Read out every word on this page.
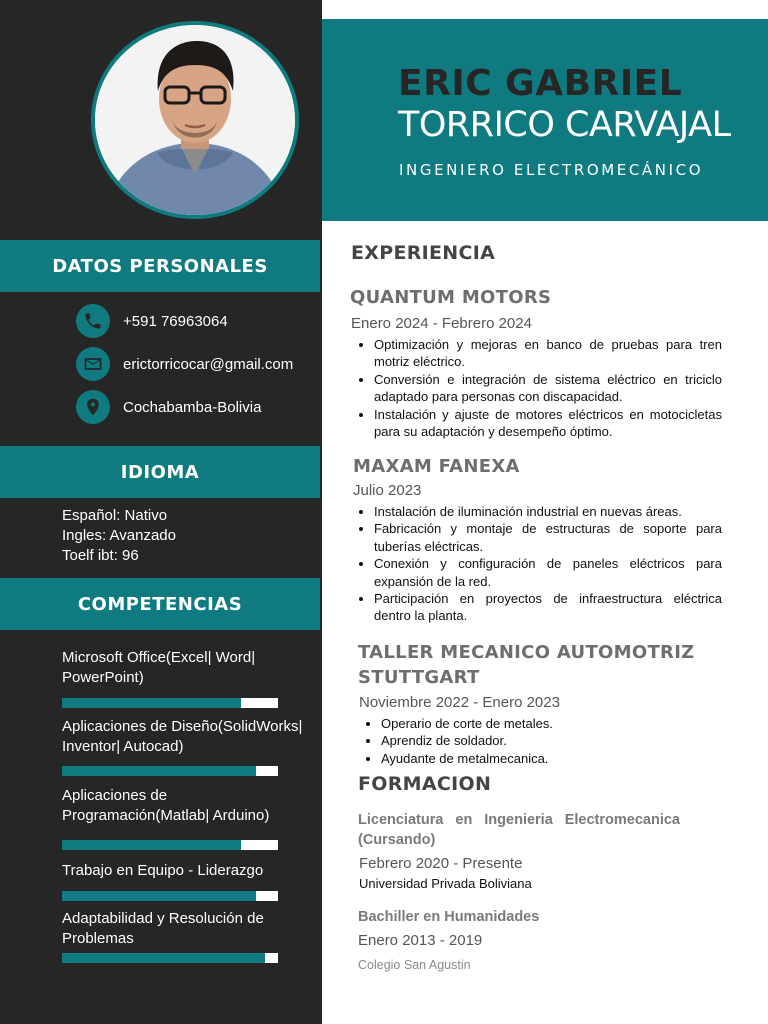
DATOS PERSONALES
+591 76963064
erictorricocar@gmail.com
Cochabamba-Bolivia
IDIOMA
Español: Nativo
Ingles: Avanzado
Toelf ibt: 96
COMPETENCIAS
Microsoft Office(Excel| Word| PowerPoint)
Aplicaciones de Diseño(SolidWorks| Inventor| Autocad)
Aplicaciones de Programación(Matlab| Arduino)
Trabajo en Equipo - Liderazgo
Adaptabilidad y Resolución de Problemas
ERIC GABRIEL
TORRICO CARVAJAL
INGENIERO ELECTROMECÁNICO
EXPERIENCIA
QUANTUM MOTORS
Enero 2024 - Febrero 2024
• Optimización y mejoras en banco de pruebas para tren motriz eléctrico.
• Conversión e integración de sistema eléctrico en triciclo adaptado para personas con discapacidad.
• Instalación y ajuste de motores eléctricos en motocicletas para su adaptación y desempeño óptimo.
MAXAM FANEXA
Julio 2023
• Instalación de iluminación industrial en nuevas áreas.
• Fabricación y montaje de estructuras de soporte para tuberías eléctricas.
• Conexión y configuración de paneles eléctricos para expansión de la red.
• Participación en proyectos de infraestructura eléctrica dentro la planta.
TALLER MECANICO AUTOMOTRIZ STUTTGART
Noviembre 2022 - Enero 2023
• Operario de corte de metales.
• Aprendiz de soldador.
• Ayudante de metalmecanica.
FORMACION
Licenciatura en Ingenieria Electromecanica (Cursando)
Febrero 2020 - Presente
Universidad Privada Boliviana
Bachiller en Humanidades
Enero 2013 - 2019
Colegio San Agustin
